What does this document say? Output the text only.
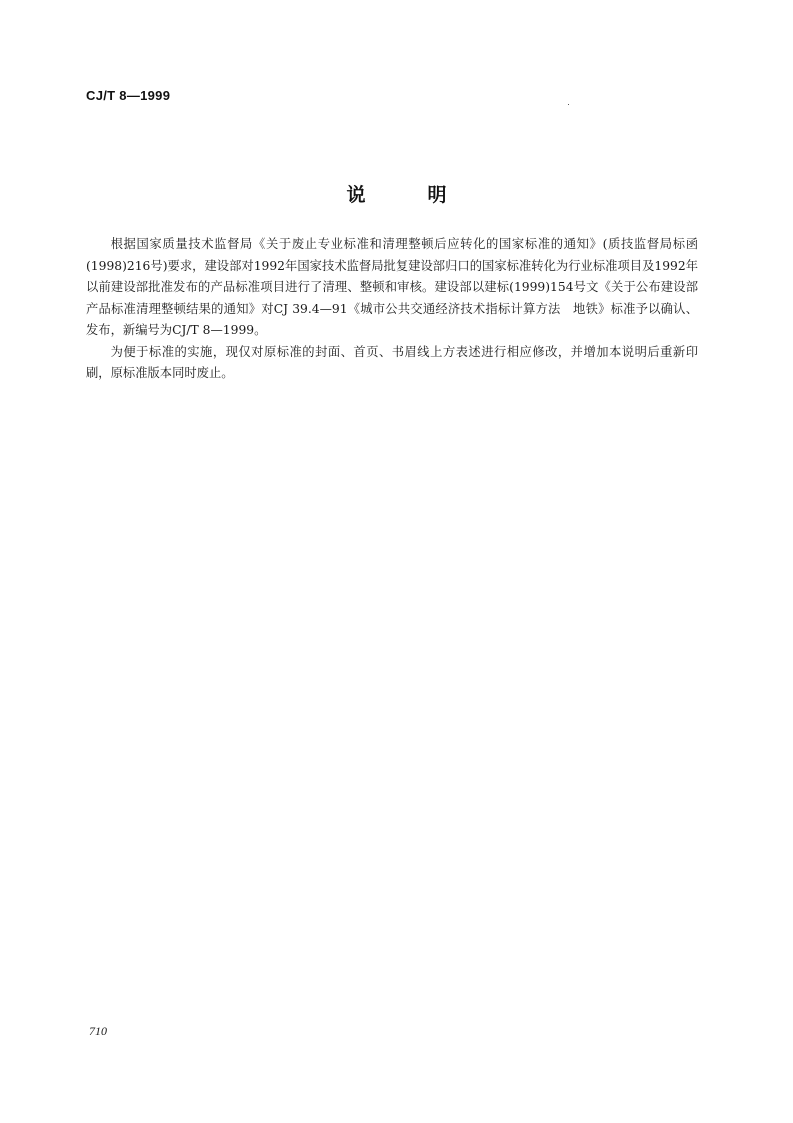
CJ/T 8—1999
说明

根据国家质量技术监督局《关于废止专业标准和清理整顿后应转化的国家标准的通知》(质技监督局标函(1998)216号)要求，建设部对1992年国家技术监督局批复建设部归口的国家标准转化为行业标准项目及1992年以前建设部批准发布的产品标准项目进行了清理、整顿和审核。建设部以建标(1999)154号文《关于公布建设部产品标准清理整顿结果的通知》对CJ 39.4—91《城市公共交通经济技术指标计算方法　地铁》标准予以确认、发布，新编号为CJ/T 8—1999。

为便于标准的实施，现仅对原标准的封面、首页、书眉线上方表述进行相应修改，并增加本说明后重新印刷，原标准版本同时废止。

710
